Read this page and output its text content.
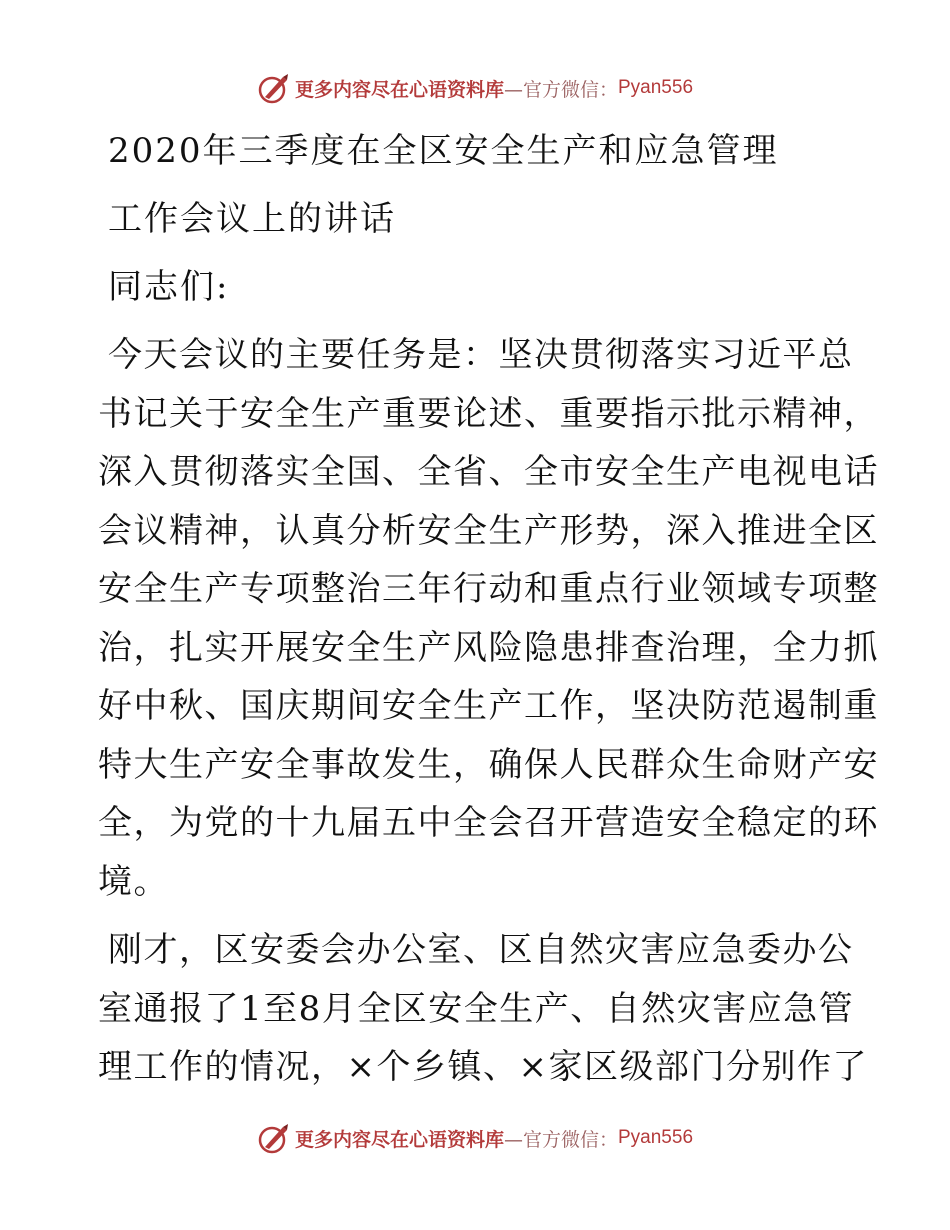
更多内容尽在心语资料库 —官方微信： Pyan556
2020年三季度在全区安全生产和应急管理
工作会议上的讲话
同志们:
今天会议的主要任务是：坚决贯彻落实习近平总
书记关于安全生产重要论述、重要指示批示精神，
深入贯彻落实全国、全省、全市安全生产电视电话
会议精神，认真分析安全生产形势，深入推进全区
安全生产专项整治三年行动和重点行业领域专项整
治，扎实开展安全生产风险隐患排查治理，全力抓
好中秋、国庆期间安全生产工作，坚决防范遏制重
特大生产安全事故发生，确保人民群众生命财产安
全，为党的十九届五中全会召开营造安全稳定的环
境。
刚才，区安委会办公室、区自然灾害应急委办公
室通报了1至8月全区安全生产、自然灾害应急管
理工作的情况，×个乡镇、×家区级部门分别作了
更多内容尽在心语资料库 —官方微信： Pyan556
